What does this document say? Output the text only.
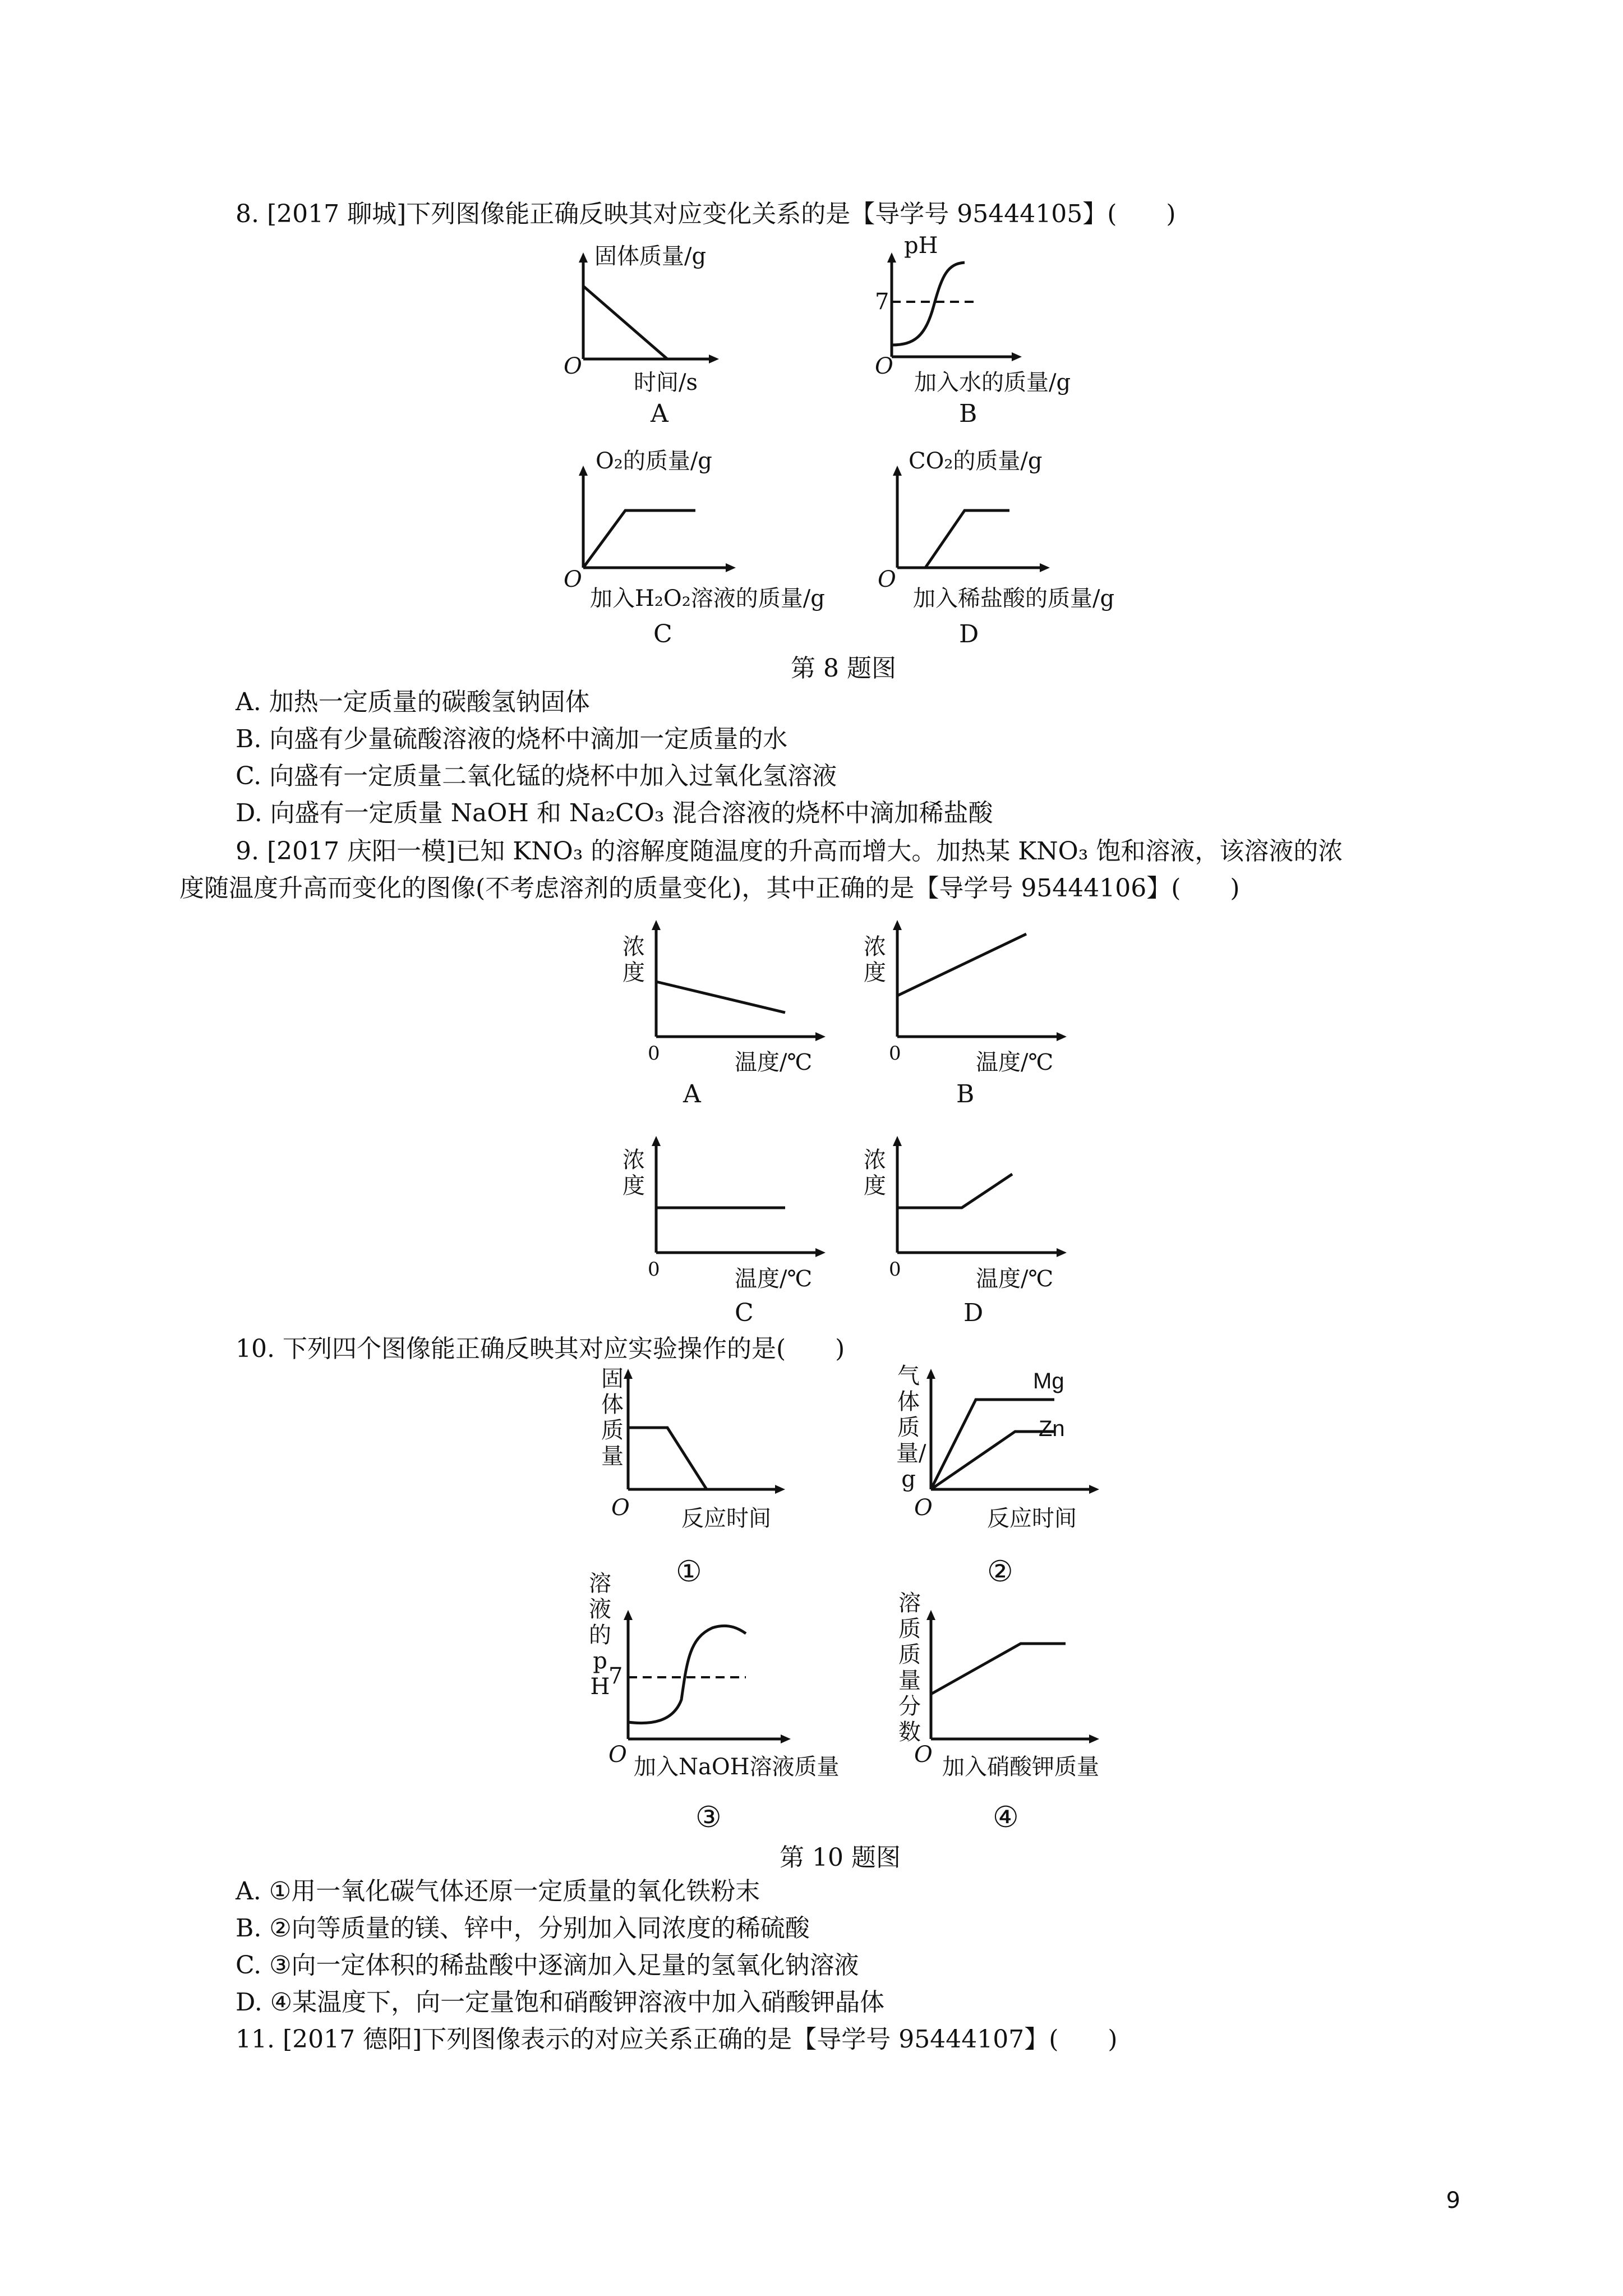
8. [2017 聊城]下列图像能正确反映其对应变化关系的是【导学号 95444105】(　　)
固体质量/g
O
时间/s
A
pH
7
O
加入水的质量/g
B
O₂的质量/g
O
加入H₂O₂溶液的质量/g
C
CO₂的质量/g
O
加入稀盐酸的质量/g
D
第 8 题图
A. 加热一定质量的碳酸氢钠固体
B. 向盛有少量硫酸溶液的烧杯中滴加一定质量的水
C. 向盛有一定质量二氧化锰的烧杯中加入过氧化氢溶液
D. 向盛有一定质量 NaOH 和 Na₂CO₃ 混合溶液的烧杯中滴加稀盐酸
9. [2017 庆阳一模]已知 KNO₃ 的溶解度随温度的升高而增大。加热某 KNO₃ 饱和溶液，该溶液的浓
度随温度升高而变化的图像(不考虑溶剂的质量变化)，其中正确的是【导学号 95444106】(　　)
浓度
0	温度/℃
A
浓度
0	温度/℃
B
浓度
0	温度/℃
C
浓度
0	温度/℃
D
10. 下列四个图像能正确反映其对应实验操作的是(　　)
固体质量
O 反应时间
①
气体质量/g
Mg
Zn
O 反应时间
②
溶液的pH
7
O 加入NaOH溶液质量
③
溶质质量分数
O 加入硝酸钾质量
④
第 10 题图
A. ①用一氧化碳气体还原一定质量的氧化铁粉末
B. ②向等质量的镁、锌中，分别加入同浓度的稀硫酸
C. ③向一定体积的稀盐酸中逐滴加入足量的氢氧化钠溶液
D. ④某温度下，向一定量饱和硝酸钾溶液中加入硝酸钾晶体
11. [2017 德阳]下列图像表示的对应关系正确的是【导学号 95444107】(　　)
9
